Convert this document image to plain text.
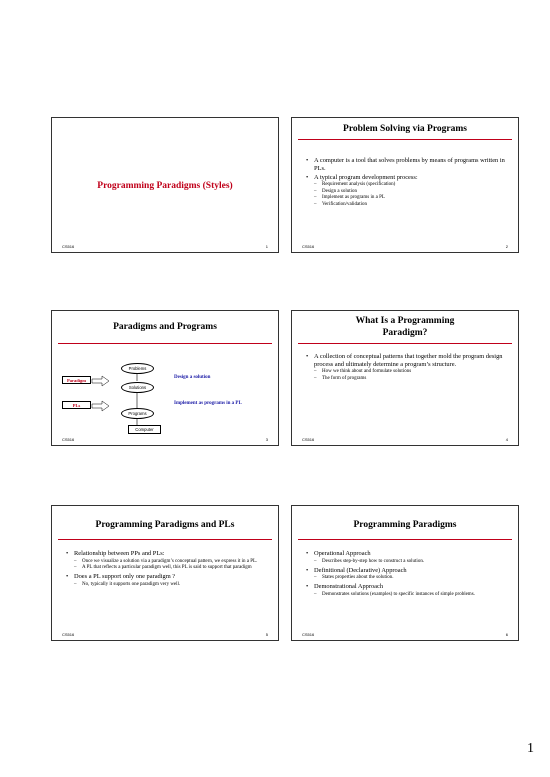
Programming Paradigms (Styles)
CS516	1
Problem Solving via Programs
• A computer is a tool that solves problems by means of programs written in PLs.
• A typical program development process:
– Requirement analysis (specification)
– Design a solution
– Implement as programs in a PL
– Verification/validation
CS516	2
Paradigms and Programs
Problems
Paradigm
Design a solution
Solutions
PLs	Implement as programs in a PL
Programs
Computer
CS516	3
What Is a Programming
Paradigm?
• A collection of conceptual patterns that together mold the program design process and ultimately determine a program’s structure.
– How we think about and formulate solutions
– The form of programs
CS516	4
Programming Paradigms and PLs
• Relationship between PPs and PLs:
– Once we visualize a solution via a paradigm’s conceptual pattern, we express it in a PL.
– A PL that reflects a particular paradigm well, this PL is said to support that paradigm
• Does a PL support only one paradigm ?
– No, typically it supports one paradigm very well.
CS516	5
Programming Paradigms
• Operational Approach
– Describes step-by-step how to construct a solution.
• Definitional (Declarative) Approach
– States properties about the solution.
• Demonstrational Approach
– Demonstrates solutions (examples) to specific instances of simple problems.
CS516	6
1
